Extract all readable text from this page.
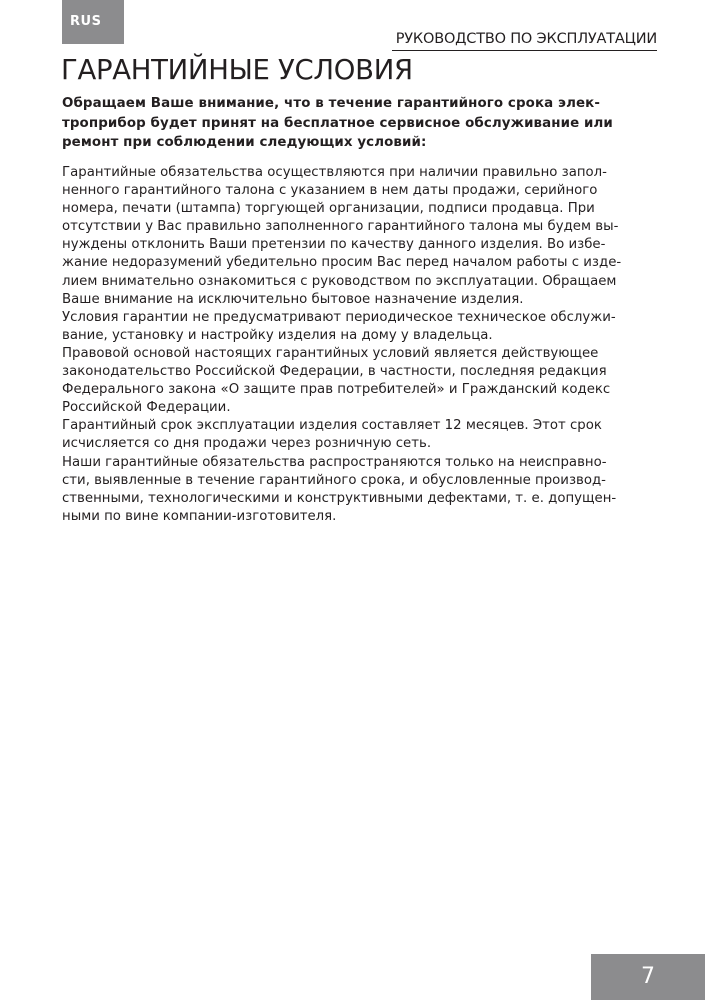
RUS
РУКОВОДСТВО ПО ЭКСПЛУАТАЦИИ
ГАРАНТИЙНЫЕ УСЛОВИЯ

Обращаем Ваше внимание, что в течение гарантийного срока элек-
троприбор будет принят на бесплатное сервисное обслуживание или
ремонт при соблюдении следующих условий:

Гарантийные обязательства осуществляются при наличии правильно запол-
ненного гарантийного талона с указанием в нем даты продажи, серийного
номера, печати (штампа) торгующей организации, подписи продавца. При
отсутствии у Вас правильно заполненного гарантийного талона мы будем вы-
нуждены отклонить Ваши претензии по качеству данного изделия. Во избе-
жание недоразумений убедительно просим Вас перед началом работы с изде-
лием внимательно ознакомиться с руководством по эксплуатации. Обращаем
Ваше внимание на исключительно бытовое назначение изделия.

Условия гарантии не предусматривают периодическое техническое обслужи-
вание, установку и настройку изделия на дому у владельца.

Правовой основой настоящих гарантийных условий является действующее
законодательство Российской Федерации, в частности, последняя редакция
Федерального закона «О защите прав потребителей» и Гражданский кодекс
Российской Федерации.

Гарантийный срок эксплуатации изделия составляет 12 месяцев. Этот срок
исчисляется со дня продажи через розничную сеть.

Наши гарантийные обязательства распространяются только на неисправно-
сти, выявленные в течение гарантийного срока, и обусловленные производ-
ственными, технологическими и конструктивными дефектами, т. е. допущен-
ными по вине компании-изготовителя.

7
